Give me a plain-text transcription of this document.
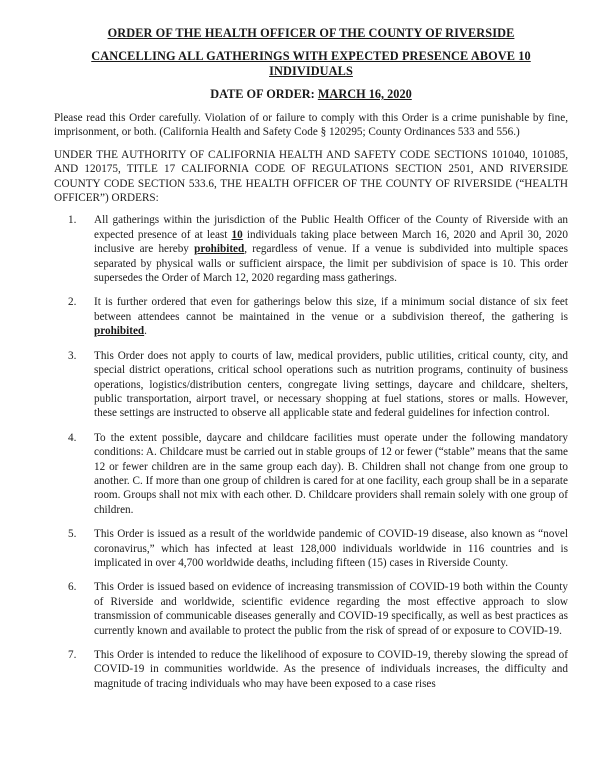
ORDER OF THE HEALTH OFFICER OF THE COUNTY OF RIVERSIDE
CANCELLING ALL GATHERINGS WITH EXPECTED PRESENCE ABOVE 10 INDIVIDUALS
DATE OF ORDER: MARCH 16, 2020

Please read this Order carefully. Violation of or failure to comply with this Order is a crime punishable by fine, imprisonment, or both. (California Health and Safety Code § 120295; County Ordinances 533 and 556.)

UNDER THE AUTHORITY OF CALIFORNIA HEALTH AND SAFETY CODE SECTIONS 101040, 101085, AND 120175, TITLE 17 CALIFORNIA CODE OF REGULATIONS SECTION 2501, AND RIVERSIDE COUNTY CODE SECTION 533.6, THE HEALTH OFFICER OF THE COUNTY OF RIVERSIDE (“HEALTH OFFICER”) ORDERS:

1.	All gatherings within the jurisdiction of the Public Health Officer of the County of Riverside with an expected presence of at least 10 individuals taking place between March 16, 2020 and April 30, 2020 inclusive are hereby prohibited, regardless of venue. If a venue is subdivided into multiple spaces separated by physical walls or sufficient airspace, the limit per subdivision of space is 10. This order supersedes the Order of March 12, 2020 regarding mass gatherings.
2.	It is further ordered that even for gatherings below this size, if a minimum social distance of six feet between attendees cannot be maintained in the venue or a subdivision thereof, the gathering is prohibited.
3.	This Order does not apply to courts of law, medical providers, public utilities, critical county, city, and special district operations, critical school operations such as nutrition programs, continuity of business operations, logistics/distribution centers, congregate living settings, daycare and childcare, shelters, public transportation, airport travel, or necessary shopping at fuel stations, stores or malls. However, these settings are instructed to observe all applicable state and federal guidelines for infection control.
4.	To the extent possible, daycare and childcare facilities must operate under the following mandatory conditions: A. Childcare must be carried out in stable groups of 12 or fewer (“stable” means that the same 12 or fewer children are in the same group each day). B. Children shall not change from one group to another. C. If more than one group of children is cared for at one facility, each group shall be in a separate room. Groups shall not mix with each other. D. Childcare providers shall remain solely with one group of children.
5.	This Order is issued as a result of the worldwide pandemic of COVID-19 disease, also known as “novel coronavirus,” which has infected at least 128,000 individuals worldwide in 116 countries and is implicated in over 4,700 worldwide deaths, including fifteen (15) cases in Riverside County.
6.	This Order is issued based on evidence of increasing transmission of COVID-19 both within the County of Riverside and worldwide, scientific evidence regarding the most effective approach to slow transmission of communicable diseases generally and COVID-19 specifically, as well as best practices as currently known and available to protect the public from the risk of spread of or exposure to COVID-19.
7.	This Order is intended to reduce the likelihood of exposure to COVID-19, thereby slowing the spread of COVID-19 in communities worldwide. As the presence of individuals increases, the difficulty and magnitude of tracing individuals who may have been exposed to a case rises
